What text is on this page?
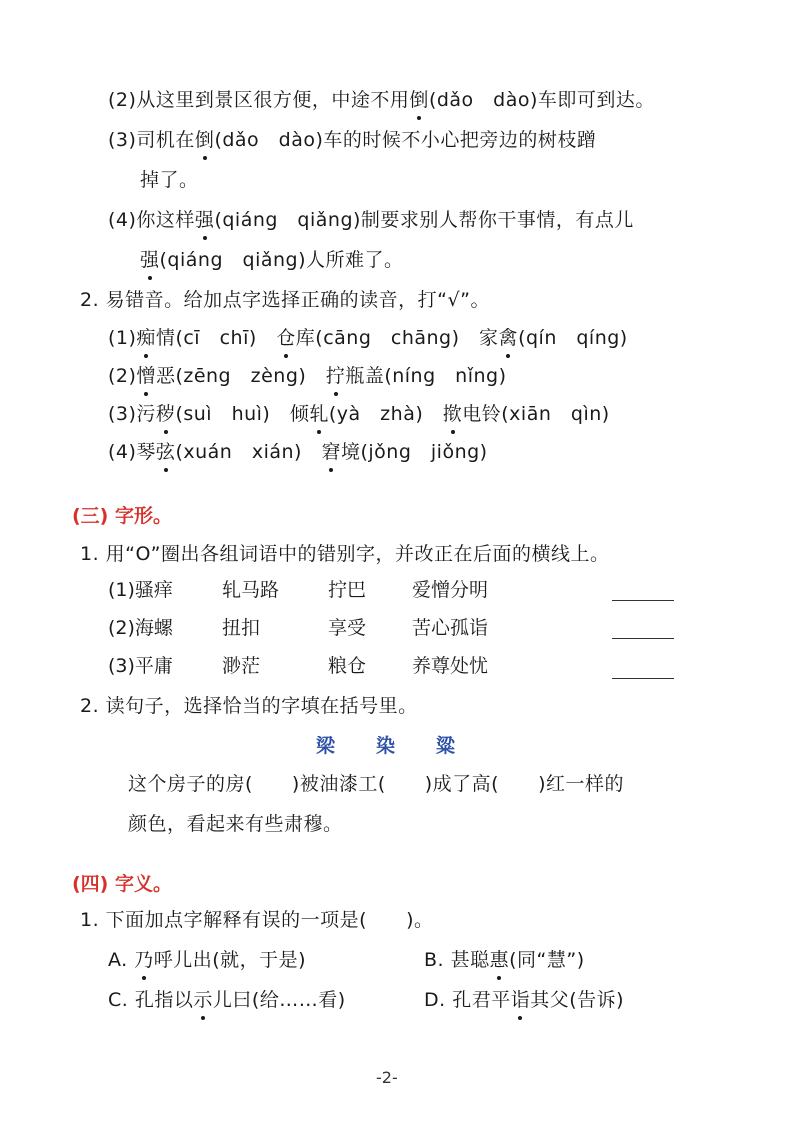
(2)从这里到景区很方便，中途不用倒(dǎo　dào)车即可到达。
(3)司机在倒(dǎo　dào)车的时候不小心把旁边的树枝蹭
掉了。
(4)你这样强(qiáng　qiǎng)制要求别人帮你干事情，有点儿
强(qiáng　qiǎng)人所难了。
2. 易错音。给加点字选择正确的读音，打“√”。
(1)痴情(cī　chī)　仓库(cāng　chāng)　家禽(qín　qíng)
(2)憎恶(zēng　zèng)　拧瓶盖(níng　nǐng)
(3)污秽(suì　huì)　倾轧(yà　zhà)　揿电铃(xiān　qìn)
(4)琴弦(xuán　xián)　窘境(jǒng　jiǒng)
(三) 字形。
1. 用“O”圈出各组词语中的错别字，并改正在后面的横线上。
(1)骚痒	轧马路	拧巴 爱憎分明
(2)海螺	扭扣	享受 苦心孤诣
(3)平庸	渺茫	粮仓 养尊处忧
2. 读句子，选择恰当的字填在括号里。
梁　　染　　粱
这个房子的房(　　)被油漆工(　　)成了高(　　)红一样的
颜色，看起来有些肃穆。
(四) 字义。
1. 下面加点字解释有误的一项是(　　)。
A. 乃呼儿出(就，于是)	B. 甚聪惠(同“慧”)
C. 孔指以示儿曰(给……看)	D. 孔君平诣其父(告诉)
-2-
